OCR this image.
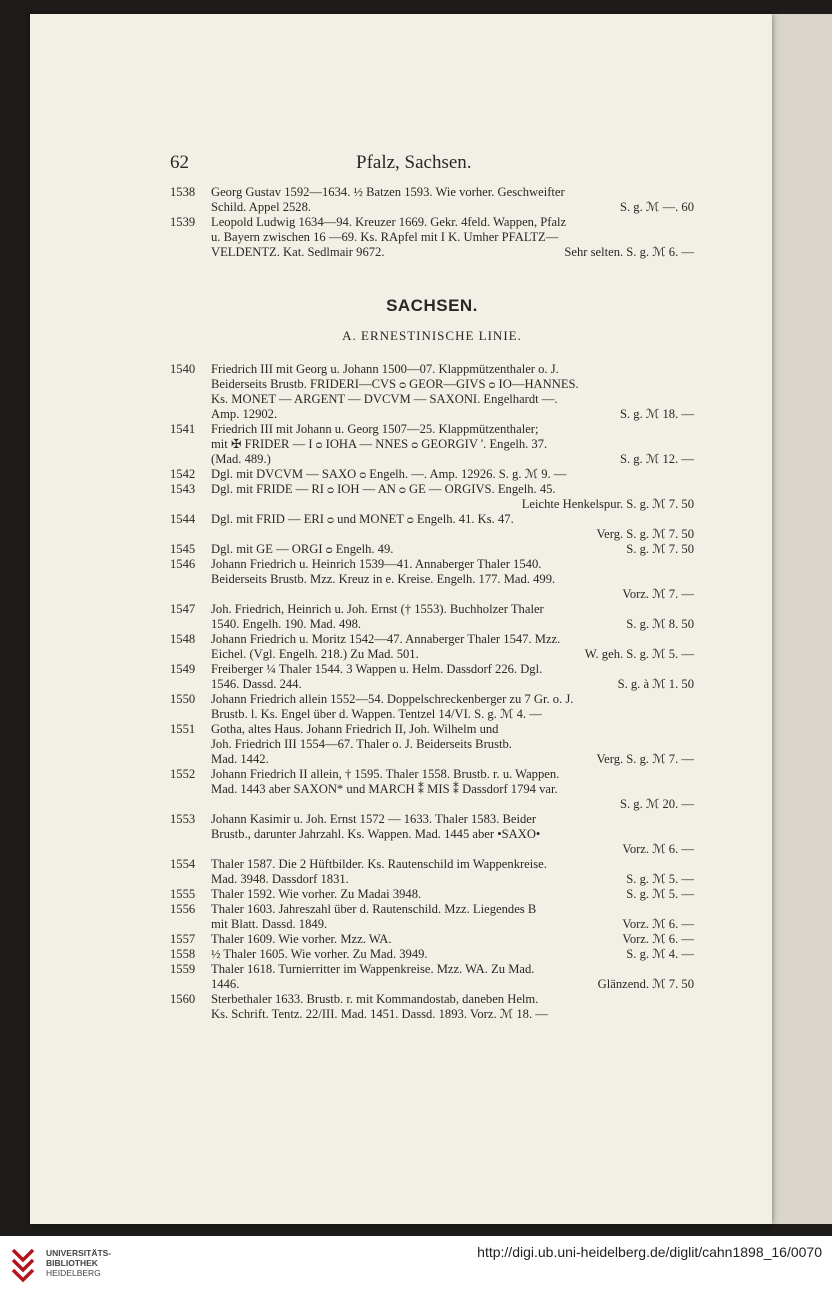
62	Pfalz, Sachsen.
1538 Georg Gustav 1592—1634. ½ Batzen 1593. Wie vorher. Geschweifter
Schild. Appel 2528.	S. g. ℳ —. 60
1539 Leopold Ludwig 1634—94. Kreuzer 1669. Gekr. 4feld. Wappen, Pfalz
u. Bayern zwischen 16 —69. Ks. RApfel mit I K. Umher PFALTZ—
VELDENTZ. Kat. Sedlmair 9672.	Sehr selten. S. g. ℳ 6. —
SACHSEN.
A. ERNESTINISCHE LINIE.
1540 Friedrich III mit Georg u. Johann 1500—07. Klappmützenthaler o. J.
Beiderseits Brustb. FRIDERI—CVS ᴑ GEOR—GIVS ᴑ IO—HANNES.
Ks. MONET — ARGENT — DVCVM — SAXONI. Engelhardt —.
Amp. 12902.	S. g. ℳ 18. —
1541 Friedrich III mit Johann u. Georg 1507—25. Klappmützenthaler;
mit ✠ FRIDER — I ᴑ IOHA — NNES ᴑ GEORGIV '. Engelh. 37.
(Mad. 489.)	S. g. ℳ 12. —
1542 Dgl. mit DVCVM — SAXO ᴑ Engelh. —. Amp. 12926. S. g. ℳ 9. —
1543 Dgl. mit FRIDE — RI ᴑ IOH — AN ᴑ GE — ORGIVS. Engelh. 45.
Leichte Henkelspur. S. g. ℳ 7. 50
1544 Dgl. mit FRID — ERI ᴑ und MONET ᴑ Engelh. 41. Ks. 47.
Verg. S. g. ℳ 7. 50
1545 Dgl. mit GE — ORGI ᴑ Engelh. 49.	S. g. ℳ 7. 50
1546 Johann Friedrich u. Heinrich 1539—41. Annaberger Thaler 1540.
Beiderseits Brustb. Mzz. Kreuz in e. Kreise. Engelh. 177. Mad. 499.
Vorz. ℳ 7. —
1547 Joh. Friedrich, Heinrich u. Joh. Ernst († 1553). Buchholzer Thaler
1540. Engelh. 190. Mad. 498.	S. g. ℳ 8. 50
1548 Johann Friedrich u. Moritz 1542—47. Annaberger Thaler 1547. Mzz.
Eichel. (Vgl. Engelh. 218.) Zu Mad. 501.	W. geh. S. g. ℳ 5. —
1549 Freiberger ¼ Thaler 1544. 3 Wappen u. Helm. Dassdorf 226. Dgl.
1546. Dassd. 244.	S. g. à ℳ 1. 50
1550 Johann Friedrich allein 1552—54. Doppelschreckenberger zu 7 Gr. o. J.
Brustb. l. Ks. Engel über d. Wappen. Tentzel 14/VI. S. g. ℳ 4. —
1551 Gotha, altes Haus. Johann Friedrich II, Joh. Wilhelm und
Joh. Friedrich III 1554—67. Thaler o. J. Beiderseits Brustb.
Mad. 1442.	Verg. S. g. ℳ 7. —
1552 Johann Friedrich II allein, † 1595. Thaler 1558. Brustb. r. u. Wappen.
Mad. 1443 aber SAXON* und MARCH ⁑ MIS ⁑ Dassdorf 1794 var.
S. g. ℳ 20. —
1553 Johann Kasimir u. Joh. Ernst 1572 — 1633. Thaler 1583. Beider
Brustb., darunter Jahrzahl. Ks. Wappen. Mad. 1445 aber •SAXO•
Vorz. ℳ 6. —
1554 Thaler 1587. Die 2 Hüftbilder. Ks. Rautenschild im Wappenkreise.
Mad. 3948. Dassdorf 1831.	S. g. ℳ 5. —
1555 Thaler 1592. Wie vorher. Zu Madai 3948.	S. g. ℳ 5. —
1556 Thaler 1603. Jahreszahl über d. Rautenschild. Mzz. Liegendes B
mit Blatt. Dassd. 1849.	Vorz. ℳ 6. —
1557 Thaler 1609. Wie vorher. Mzz. WA.	Vorz. ℳ 6. —
1558 ½ Thaler 1605. Wie vorher. Zu Mad. 3949.	S. g. ℳ 4. —
1559 Thaler 1618. Turnierritter im Wappenkreise. Mzz. WA. Zu Mad.
1446.	Glänzend. ℳ 7. 50
1560 Sterbethaler 1633. Brustb. r. mit Kommandostab, daneben Helm.
Ks. Schrift. Tentz. 22/III. Mad. 1451. Dassd. 1893. Vorz. ℳ 18. —
UNIVERSITÄTS-
BIBLIOTHEK
HEIDELBERG
http://digi.ub.uni-heidelberg.de/diglit/cahn1898_16/0070
